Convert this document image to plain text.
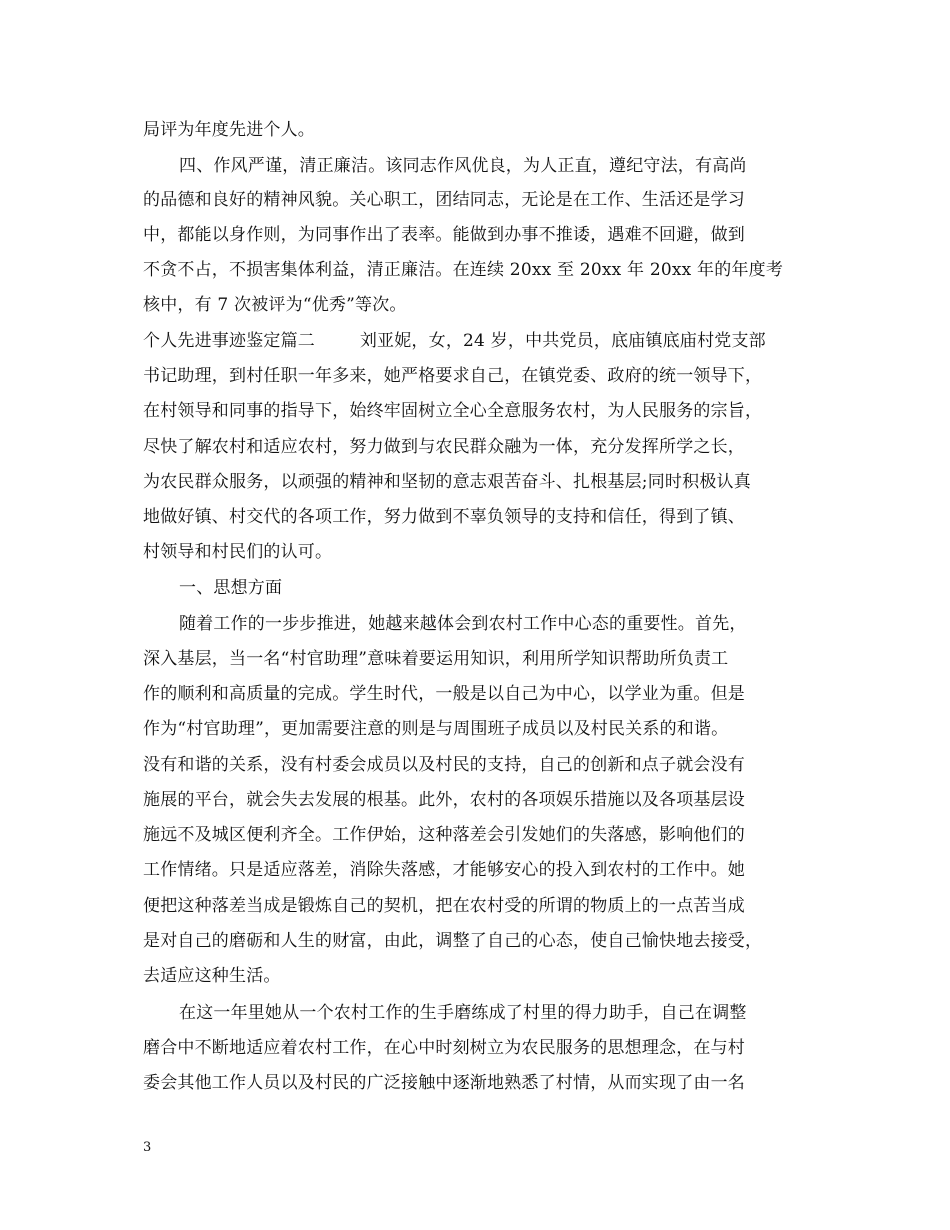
局评为年度先进个人。
四、作风严谨，清正廉洁。该同志作风优良，为人正直，遵纪守法，有高尚
的品德和良好的精神风貌。关心职工，团结同志，无论是在工作、生活还是学习
中，都能以身作则，为同事作出了表率。能做到办事不推诿，遇难不回避，做到
不贪不占，不损害集体利益，清正廉洁。在连续 20xx 至 20xx 年 20xx 年的年度考
核中，有 7 次被评为“优秀”等次。
个人先进事迹鉴定篇二        刘亚妮，女，24 岁，中共党员，底庙镇底庙村党支部
书记助理，到村任职一年多来，她严格要求自己，在镇党委、政府的统一领导下，
在村领导和同事的指导下，始终牢固树立全心全意服务农村，为人民服务的宗旨，
尽快了解农村和适应农村，努力做到与农民群众融为一体，充分发挥所学之长，
为农民群众服务，以顽强的精神和坚韧的意志艰苦奋斗、扎根基层;同时积极认真
地做好镇、村交代的各项工作，努力做到不辜负领导的支持和信任，得到了镇、
村领导和村民们的认可。
一、思想方面
随着工作的一步步推进，她越来越体会到农村工作中心态的重要性。首先，
深入基层，当一名“村官助理”意味着要运用知识，利用所学知识帮助所负责工
作的顺利和高质量的完成。学生时代，一般是以自己为中心，以学业为重。但是
作为“村官助理”，更加需要注意的则是与周围班子成员以及村民关系的和谐。
没有和谐的关系，没有村委会成员以及村民的支持，自己的创新和点子就会没有
施展的平台，就会失去发展的根基。此外，农村的各项娱乐措施以及各项基层设
施远不及城区便利齐全。工作伊始，这种落差会引发她们的失落感，影响他们的
工作情绪。只是适应落差，消除失落感，才能够安心的投入到农村的工作中。她
便把这种落差当成是锻炼自己的契机，把在农村受的所谓的物质上的一点苦当成
是对自己的磨砺和人生的财富，由此，调整了自己的心态，使自己愉快地去接受，
去适应这种生活。
在这一年里她从一个农村工作的生手磨练成了村里的得力助手，自己在调整
磨合中不断地适应着农村工作，在心中时刻树立为农民服务的思想理念，在与村
委会其他工作人员以及村民的广泛接触中逐渐地熟悉了村情，从而实现了由一名
3
